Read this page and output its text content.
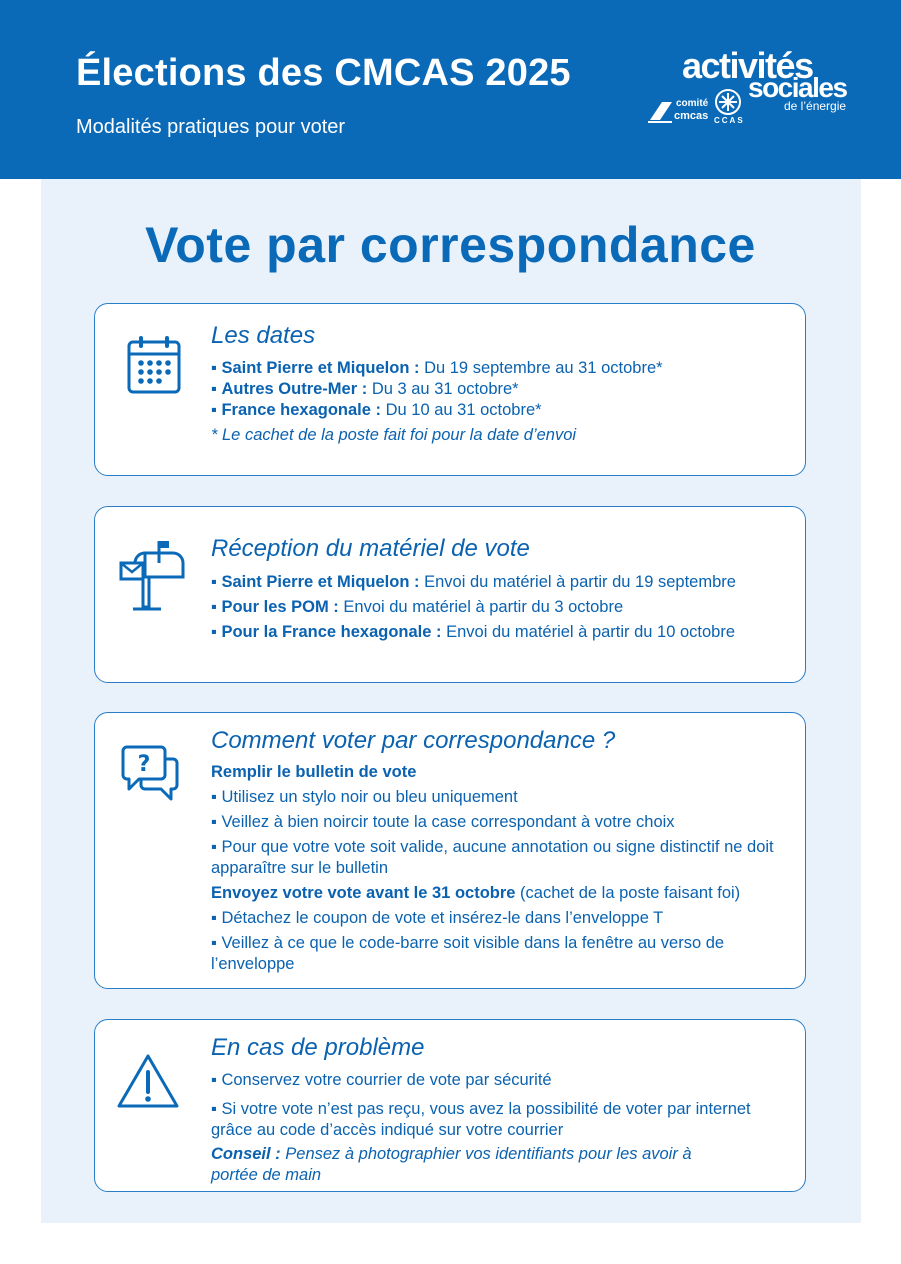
Élections des CMCAS 2025

Modalités pratiques pour voter

activités
sociales
de l’énergie
comité
cmcas CCAS
Vote par correspondance
Les dates

▪ Saint Pierre et Miquelon : Du 19 septembre au 31 octobre*

▪ Autres Outre-Mer : Du 3 au 31 octobre*

▪ France hexagonale : Du 10 au 31 octobre*

* Le cachet de la poste fait foi pour la date d’envoi

Réception du matériel de vote

▪ Saint Pierre et Miquelon : Envoi du matériel à partir du 19 septembre

▪ Pour les POM : Envoi du matériel à partir du 3 octobre

▪ Pour la France hexagonale : Envoi du matériel à partir du 10 octobre

?
Comment voter par correspondance ?

Remplir le bulletin de vote

▪ Utilisez un stylo noir ou bleu uniquement

▪ Veillez à bien noircir toute la case correspondant à votre choix

▪ Pour que votre vote soit valide, aucune annotation ou signe distinctif ne doit apparaître sur le bulletin

Envoyez votre vote avant le 31 octobre (cachet de la poste faisant foi)

▪ Détachez le coupon de vote et insérez-le dans l’enveloppe T

▪ Veillez à ce que le code-barre soit visible dans la fenêtre au verso de l’enveloppe

En cas de problème

▪ Conservez votre courrier de vote par sécurité

▪ Si votre vote n’est pas reçu, vous avez la possibilité de voter par internet grâce au code d’accès indiqué sur votre courrier

Conseil : Pensez à photographier vos identifiants pour les avoir à portée de main
